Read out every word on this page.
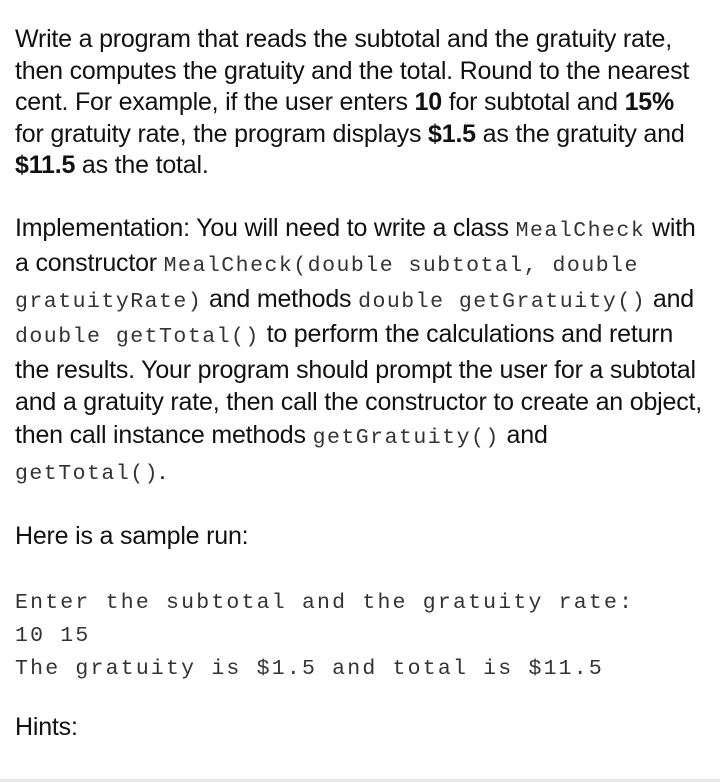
Write a program that reads the subtotal and the gratuity rate, then computes the gratuity and the total. Round to the nearest cent. For example, if the user enters 10 for subtotal and 15% for gratuity rate, the program displays $1.5 as the gratuity and $11.5 as the total.

Implementation: You will need to write a class MealCheck with a constructor MealCheck(double subtotal, double gratuityRate) and methods double getGratuity() and double getTotal() to perform the calculations and return the results. Your program should prompt the user for a subtotal and a gratuity rate, then call the constructor to create an object, then call instance methods getGratuity() and getTotal().

Here is a sample run:

Enter the subtotal and the gratuity rate:
10 15
The gratuity is $1.5 and total is $11.5

Hints:
